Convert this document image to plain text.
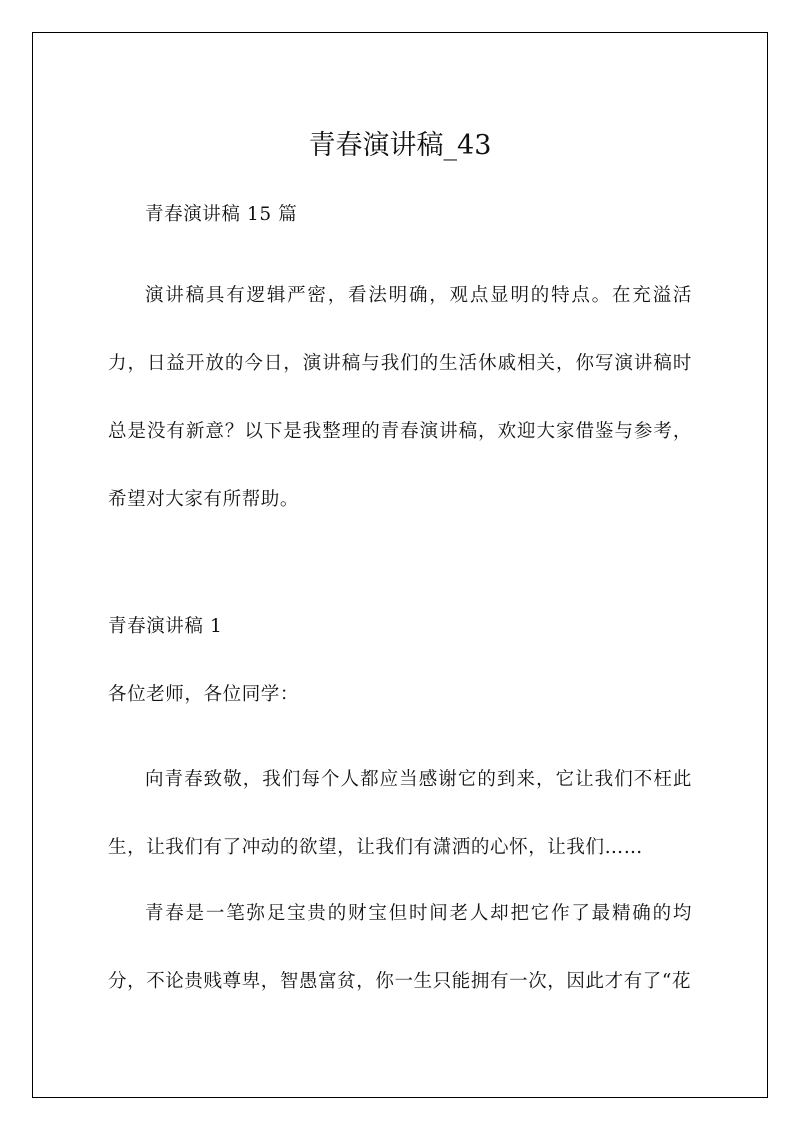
青春演讲稿_43

青春演讲稿 15 篇

演讲稿具有逻辑严密，看法明确，观点显明的特点。在充溢活力，日益开放的今日，演讲稿与我们的生活休戚相关，你写演讲稿时总是没有新意？以下是我整理的青春演讲稿，欢迎大家借鉴与参考，希望对大家有所帮助。

青春演讲稿 1

各位老师，各位同学：

向青春致敬，我们每个人都应当感谢它的到来，它让我们不枉此生，让我们有了冲动的欲望，让我们有潇洒的心怀，让我们……

青春是一笔弥足宝贵的财宝但时间老人却把它作了最精确的均分，不论贵贱尊卑，智愚富贫，你一生只能拥有一次，因此才有了“花
